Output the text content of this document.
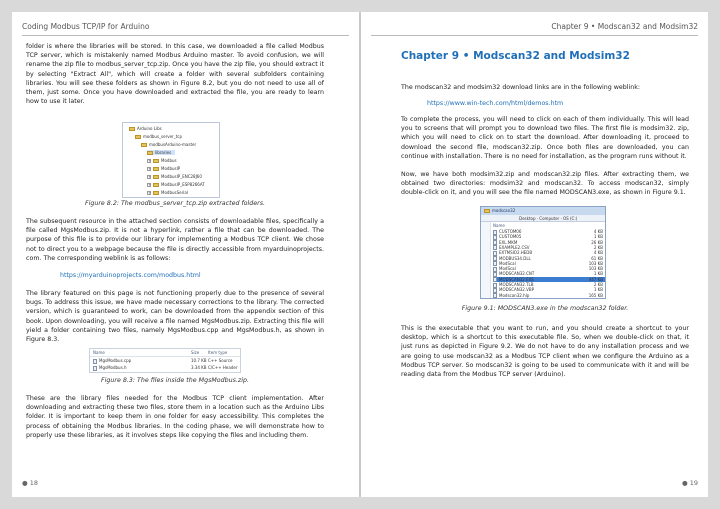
Coding Modbus TCP/IP for Arduino

folder is where the libraries will be stored. In this case, we downloaded a file called Modbus TCP server, which is mistakenly named Modbus Arduino master. To avoid confusion, we will rename the zip file to modbus_server_tcp.zip. Once you have the zip file, you should extract it by selecting "Extract All", which will create a folder with several subfolders containing libraries. You will see these folders as shown in Figure 8.2, but you do not need to use all of them, just some. Once you have downloaded and extracted the file, you are ready to learn how to use it later.

Arduino Libs
modbus_server_tcp
modbusArduino-master
libraries
+	Modbus
+	ModbusIP
+	ModbusIP_ENC28J60
+	ModbusIP_ESP8266AT
+	ModbusSerial
Figure 8.2: The modbus_server_tcp.zip extracted folders.

The subsequent resource in the attached section consists of downloadable files, specifically a file called MgsModbus.zip. It is not a hyperlink, rather a file that can be downloaded. The purpose of this file is to provide our library for implementing a Modbus TCP client. We chose not to direct you to a webpage because the file is directly accessible from myarduinoprojects. com. The corresponding weblink is as follows:

https://myarduinoprojects.com/modbus.html

The library featured on this page is not functioning properly due to the presence of several bugs. To address this issue, we have made necessary corrections to the library. The corrected version, which is guaranteed to work, can be downloaded from the appendix section of this book. Upon downloading, you will receive a file named MgsModbus.zip. Extracting this file will yield a folder containing two files, namely MgsModbus.cpp and MgsModbus.h, as shown in Figure 8.3.

Name	Size Item type
MgsModbus.cpp	10.7 KB C++ Source
MgsModbus.h	3.34 KB C/C++ Header
Figure 8.3: The files inside the MgsModbus.zip.

These are the library files needed for the Modbus TCP client implementation. After downloading and extracting these two files, store them in a location such as the Arduino Libs folder. It is important to keep them in one folder for easy accessibility. This completes the process of obtaining the Modbus libraries. In the coding phase, we will demonstrate how to properly use these libraries, as it involves steps like copying the files and including them.

● 18
Chapter 9 • Modscan32 and Modsim32
Chapter 9 • Modscan32 and Modsim32

The modscan32 and modsim32 download links are in the following weblink:

https://www.win-tech.com/html/demos.htm

To complete the process, you will need to click on each of them individually. This will lead you to screens that will prompt you to download two files. The first file is modsim32. zip, which you will need to click on to start the download. After downloading it, proceed to download the second file, modscan32.zip. Once both files are downloaded, you can continue with installation. There is no need for installation, as the program runs without it.

Now, we have both modsim32.zip and modscan32.zip files. After extracting them, we obtained two directories: modsim32 and modscan32. To access modscan32, simply double-click on it, and you will see the file named MODSCAN3.exe, as shown in Figure 9.1.

modscan32
Desktop · Computer · OS (C:)
Name
CUSTOM06	4 KB
CUSTOM05	1 KB
EXL.MKM	26 KB
EXAMPLE2.CSV	2 KB
EXTMSIO2.HEDB	4 KB
MODBUS34.DLL	61 KB
ModScal	103 KB
ModScal	103 KB
MODSCAN32.CNT	1 KB
MODSCAN32.EXE	447 KB
MODSCAN32.TLB	2 KB
MODSCAN32.VBP	1 KB
Modscan32.hlp	165 KB
Figure 9.1: MODSCAN3.exe in the modscan32 folder.

This is the executable that you want to run, and you should create a shortcut to your desktop, which is a shortcut to this executable file. So, when we double-click on that, it just runs as depicted in Figure 9.2. We do not have to do any installation process and we are going to use modscan32 as a Modbus TCP client when we configure the Arduino as a Modbus TCP server. So modscan32 is going to be used to communicate with it and will be reading data from the Modbus TCP server (Arduino).

● 19
